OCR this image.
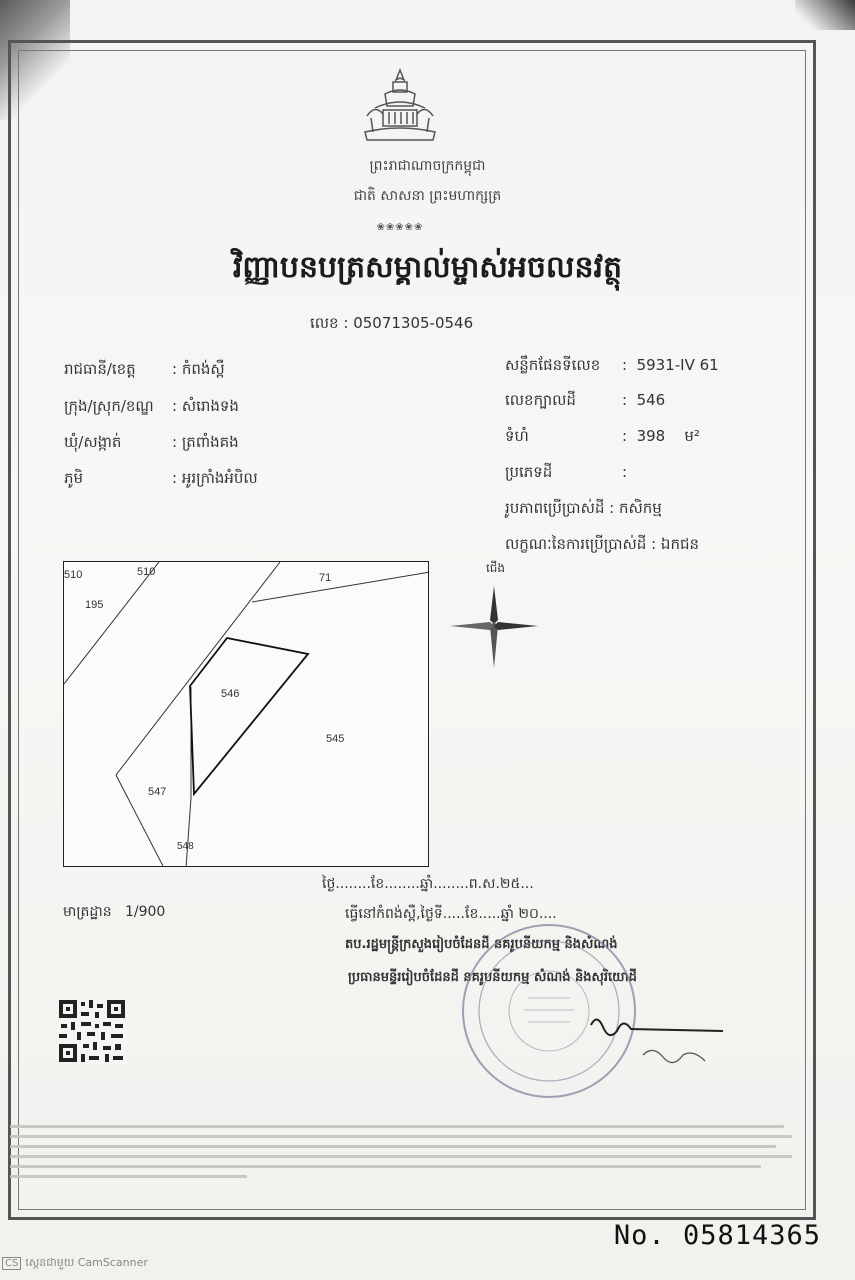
ព្រះរាជាណាចក្រកម្ពុជា
ជាតិ សាសនា ព្រះមហាក្សត្រ
❀❀❀❀❀
វិញ្ញាបនបត្រសម្គាល់ម្ចាស់អចលនវត្ថុ
លេខ : 05071305-0546
រាជធានី/ខេត្ត : កំពង់ស្ពឺ
ក្រុង/ស្រុក/ខណ្ឌ : សំរោងទង
ឃុំ/សង្កាត់	: ត្រពាំងគង
ភូមិ	: អូរក្រាំងអំបិល
សន្លឹកផែនទីលេខ :  5931-IV 61
លេខក្បាលដី	:  546
ទំហំ	:  398 ម²
ប្រភេទដី	:
រូបភាពប្រើប្រាស់ដី : កសិកម្ម
លក្ខណៈនៃការប្រើប្រាស់ដី : ឯកជន
510	510	71
195
546
545
547
548
ជើង
មាត្រដ្ឋាន 1/900
ថ្ងៃ........ខែ........ឆ្នាំ........ព.ស.២៥...
ធ្វើនៅកំពង់ស្ពឺ,ថ្ងៃទី.....ខែ.....ឆ្នាំ ២០....
តប.រដ្ឋមន្ត្រីក្រសួងរៀបចំដែនដី នគរូបនីយកម្ម និងសំណង់
ប្រធានមន្ទីររៀបចំដែនដី នគរូបនីយកម្ម សំណង់ និងសុរិយោដី
No. 05814365
CS ស្កេនជាមួយ CamScanner
